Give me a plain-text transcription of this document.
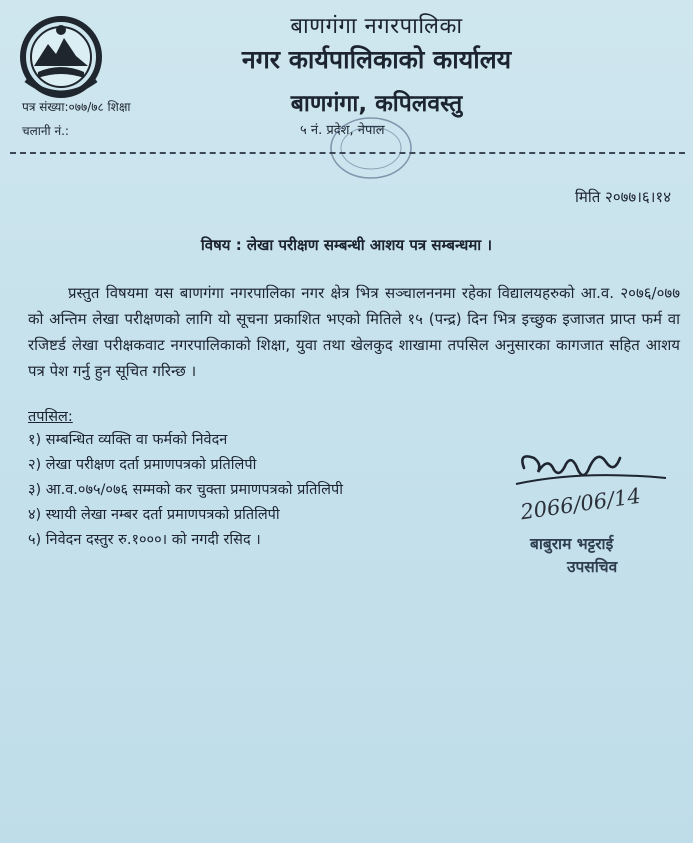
बाणगंगा नगरपालिका
नगर कार्यपालिकाको कार्यालय
बाणगंगा, कपिलवस्तु
५ नं. प्रदेश, नेपाल
पत्र संख्या:०७७/७८ शिक्षा
चलानी नं.:
मिति २०७७।६।१४
विषय : लेखा परीक्षण सम्बन्धी आशय पत्र सम्बन्धमा ।
प्रस्तुत विषयमा यस बाणगंगा नगरपालिका नगर क्षेत्र भित्र सञ्चालननमा रहेका विद्यालयहरुको आ.व. २०७६/०७७ को अन्तिम लेखा परीक्षणको लागि यो सूचना प्रकाशित भएको मितिले १५ (पन्द्र) दिन भित्र इच्छुक इजाजत प्राप्त फर्म वा रजिष्टर्ड लेखा परीक्षकवाट नगरपालिकाको शिक्षा, युवा तथा खेलकुद शाखामा तपसिल अनुसारका कागजात सहित आशय पत्र पेश गर्नु हुन सूचित गरिन्छ ।
तपसिल:
१) सम्बन्धित व्यक्ति वा फर्मको निवेदन
२) लेखा परीक्षण दर्ता प्रमाणपत्रको प्रतिलिपी
३) आ.व.०७५/०७६ सम्मको कर चुक्ता प्रमाणपत्रको प्रतिलिपी
४) स्थायी लेखा नम्बर दर्ता प्रमाणपत्रको प्रतिलिपी
५) निवेदन दस्तुर रु.१०००। को नगदी रसिद ।
2066/06/14
बाबुराम भट्टराई
उपसचिव
